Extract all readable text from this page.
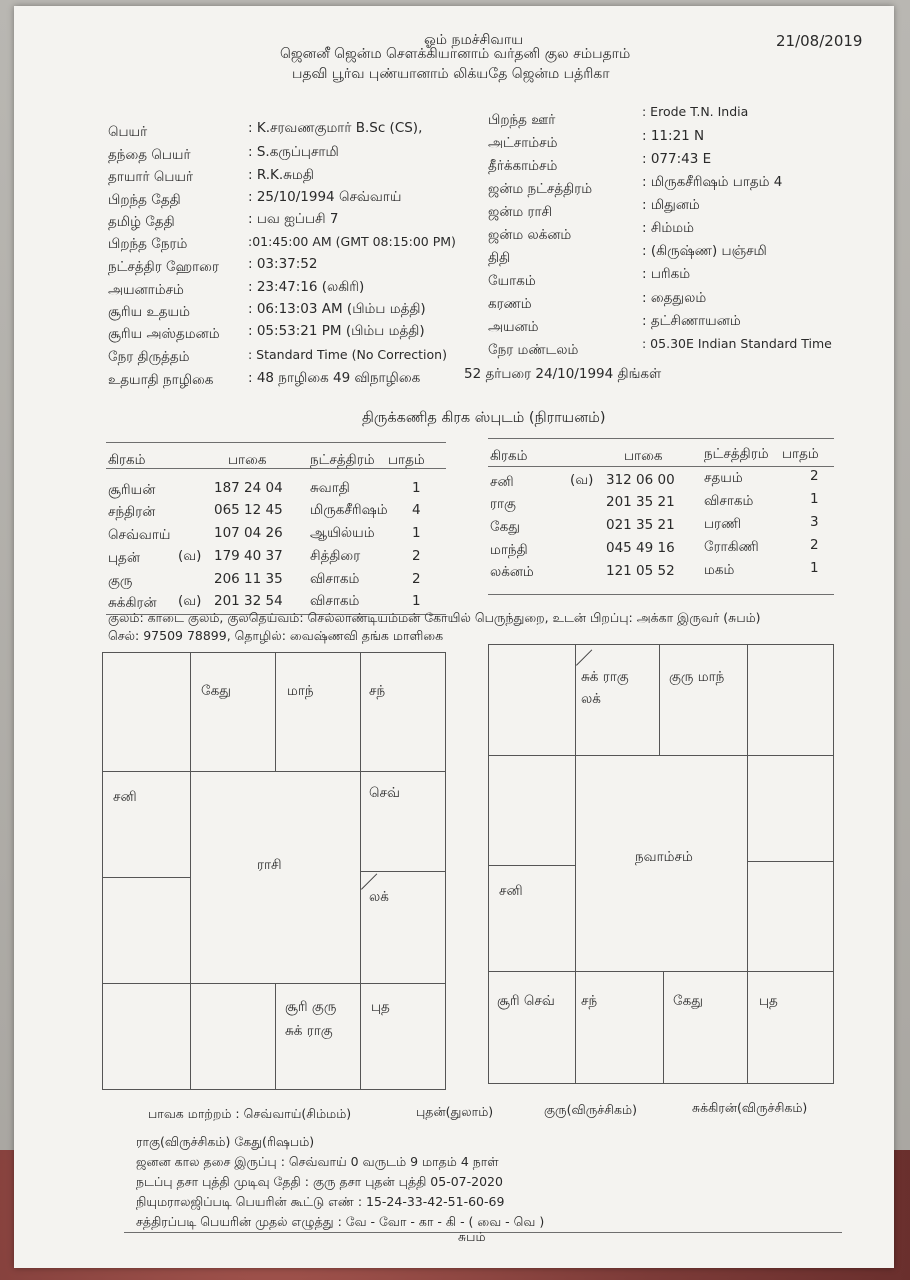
ஓம் நமச்சிவாய
ஜெனனீ ஜென்ம செளக்கியானாம் வர்தனி குல சம்பதாம்
பதவி பூர்வ புண்யானாம் லிக்யதே ஜென்ம பத்ரிகா
21/08/2019
பெயர்	: K.சரவணகுமார் B.Sc (CS),
தந்தை பெயர்	: S.கருப்புசாமி
தாயார் பெயர்	: R.K.சுமதி
பிறந்த தேதி	: 25/10/1994 செவ்வாய்
தமிழ் தேதி	: பவ ஐப்பசி 7
பிறந்த நேரம்	:01:45:00 AM (GMT 08:15:00 PM)
நட்சத்திர ஹோரை : 03:37:52
அயனாம்சம்	: 23:47:16 (லகிரி)
சூரிய உதயம்	: 06:13:03 AM (பிம்ப மத்தி)
சூரிய அஸ்தமனம் : 05:53:21 PM (பிம்ப மத்தி)
நேர திருத்தம்	: Standard Time (No Correction)
உதயாதி நாழிகை	: 48 நாழிகை 49 விநாழிகை	52 தர்பரை 24/10/1994 திங்கள்
பிறந்த ஊர்
: Erode T.N. India
அட்சாம்சம்	: 11:21 N
தீர்க்காம்சம்	: 077:43 E
ஜன்ம நட்சத்திரம்	: மிருகசீரிஷம் பாதம் 4
ஜன்ம ராசி	: மிதுனம்
ஜன்ம லக்னம்	: சிம்மம்
திதி	: (கிருஷ்ண) பஞ்சமி
யோகம்	: பரிகம்
கரணம்	: தைதுலம்
அயனம்	: தட்சிணாயனம்
நேர மண்டலம்	: 05.30E Indian Standard Time
திருக்கணித கிரக ஸ்புடம் (நிராயனம்)
கிரகம்	பாகை	நட்சத்திரம் பாதம்
சூரியன்	187 24 04 சுவாதி	1
சந்திரன்	065 12 45 மிருகசீரிஷம் 4
செவ்வாய்	107 04 26 ஆயில்யம்	1
புதன்	(வ) 179 40 37 சித்திரை	2
குரு	206 11 35 விசாகம்	2
சுக்கிரன் (வ) 201 32 54 விசாகம்	1
கிரகம்	பாகை	நட்சத்திரம் பாதம்
சனி	(வ) 312 06 00 சதயம்	2
ராகு	201 35 21 விசாகம்	1
கேது	021 35 21 பரணி	3
மாந்தி	045 49 16 ரோகிணி	2
லக்னம்	121 05 52 மகம்	1
குலம்: காடை குலம், குலதெய்வம்: செல்லாண்டியம்மன் கோயில் பெருந்துறை, உடன் பிறப்பு: அக்கா இருவர் (சுபம்)
செல்: 97509 78899, தொழில்: வைஷ்ணவி தங்க மாளிகை
கேது	மாந்	சந்
சனி	செவ்
லக்
ராசி
சூரி குரு
சுக் ராகு
புத
சுக் ராகு
லக்
குரு மாந்
சனி
நவாம்சம்
சூரி செவ் சந்	கேது	புத
பாவக மாற்றம் : செவ்வாய்(சிம்மம்)	புதன்(துலாம்)	குரு(விருச்சிகம்)	சுக்கிரன்(விருச்சிகம்)
ராகு(விருச்சிகம்) கேது(ரிஷபம்)
ஜனன கால தசை இருப்பு : செவ்வாய் 0 வருடம் 9 மாதம் 4 நாள்
நடப்பு தசா புத்தி முடிவு தேதி : குரு தசா புதன் புத்தி 05-07-2020
நியுமராலஜிப்படி பெயரின் கூட்டு எண் : 15-24-33-42-51-60-69
சத்திரப்படி பெயரின் முதல் எழுத்து : வே - வோ - கா - கி - ( வை - வெ )
சுபம்
